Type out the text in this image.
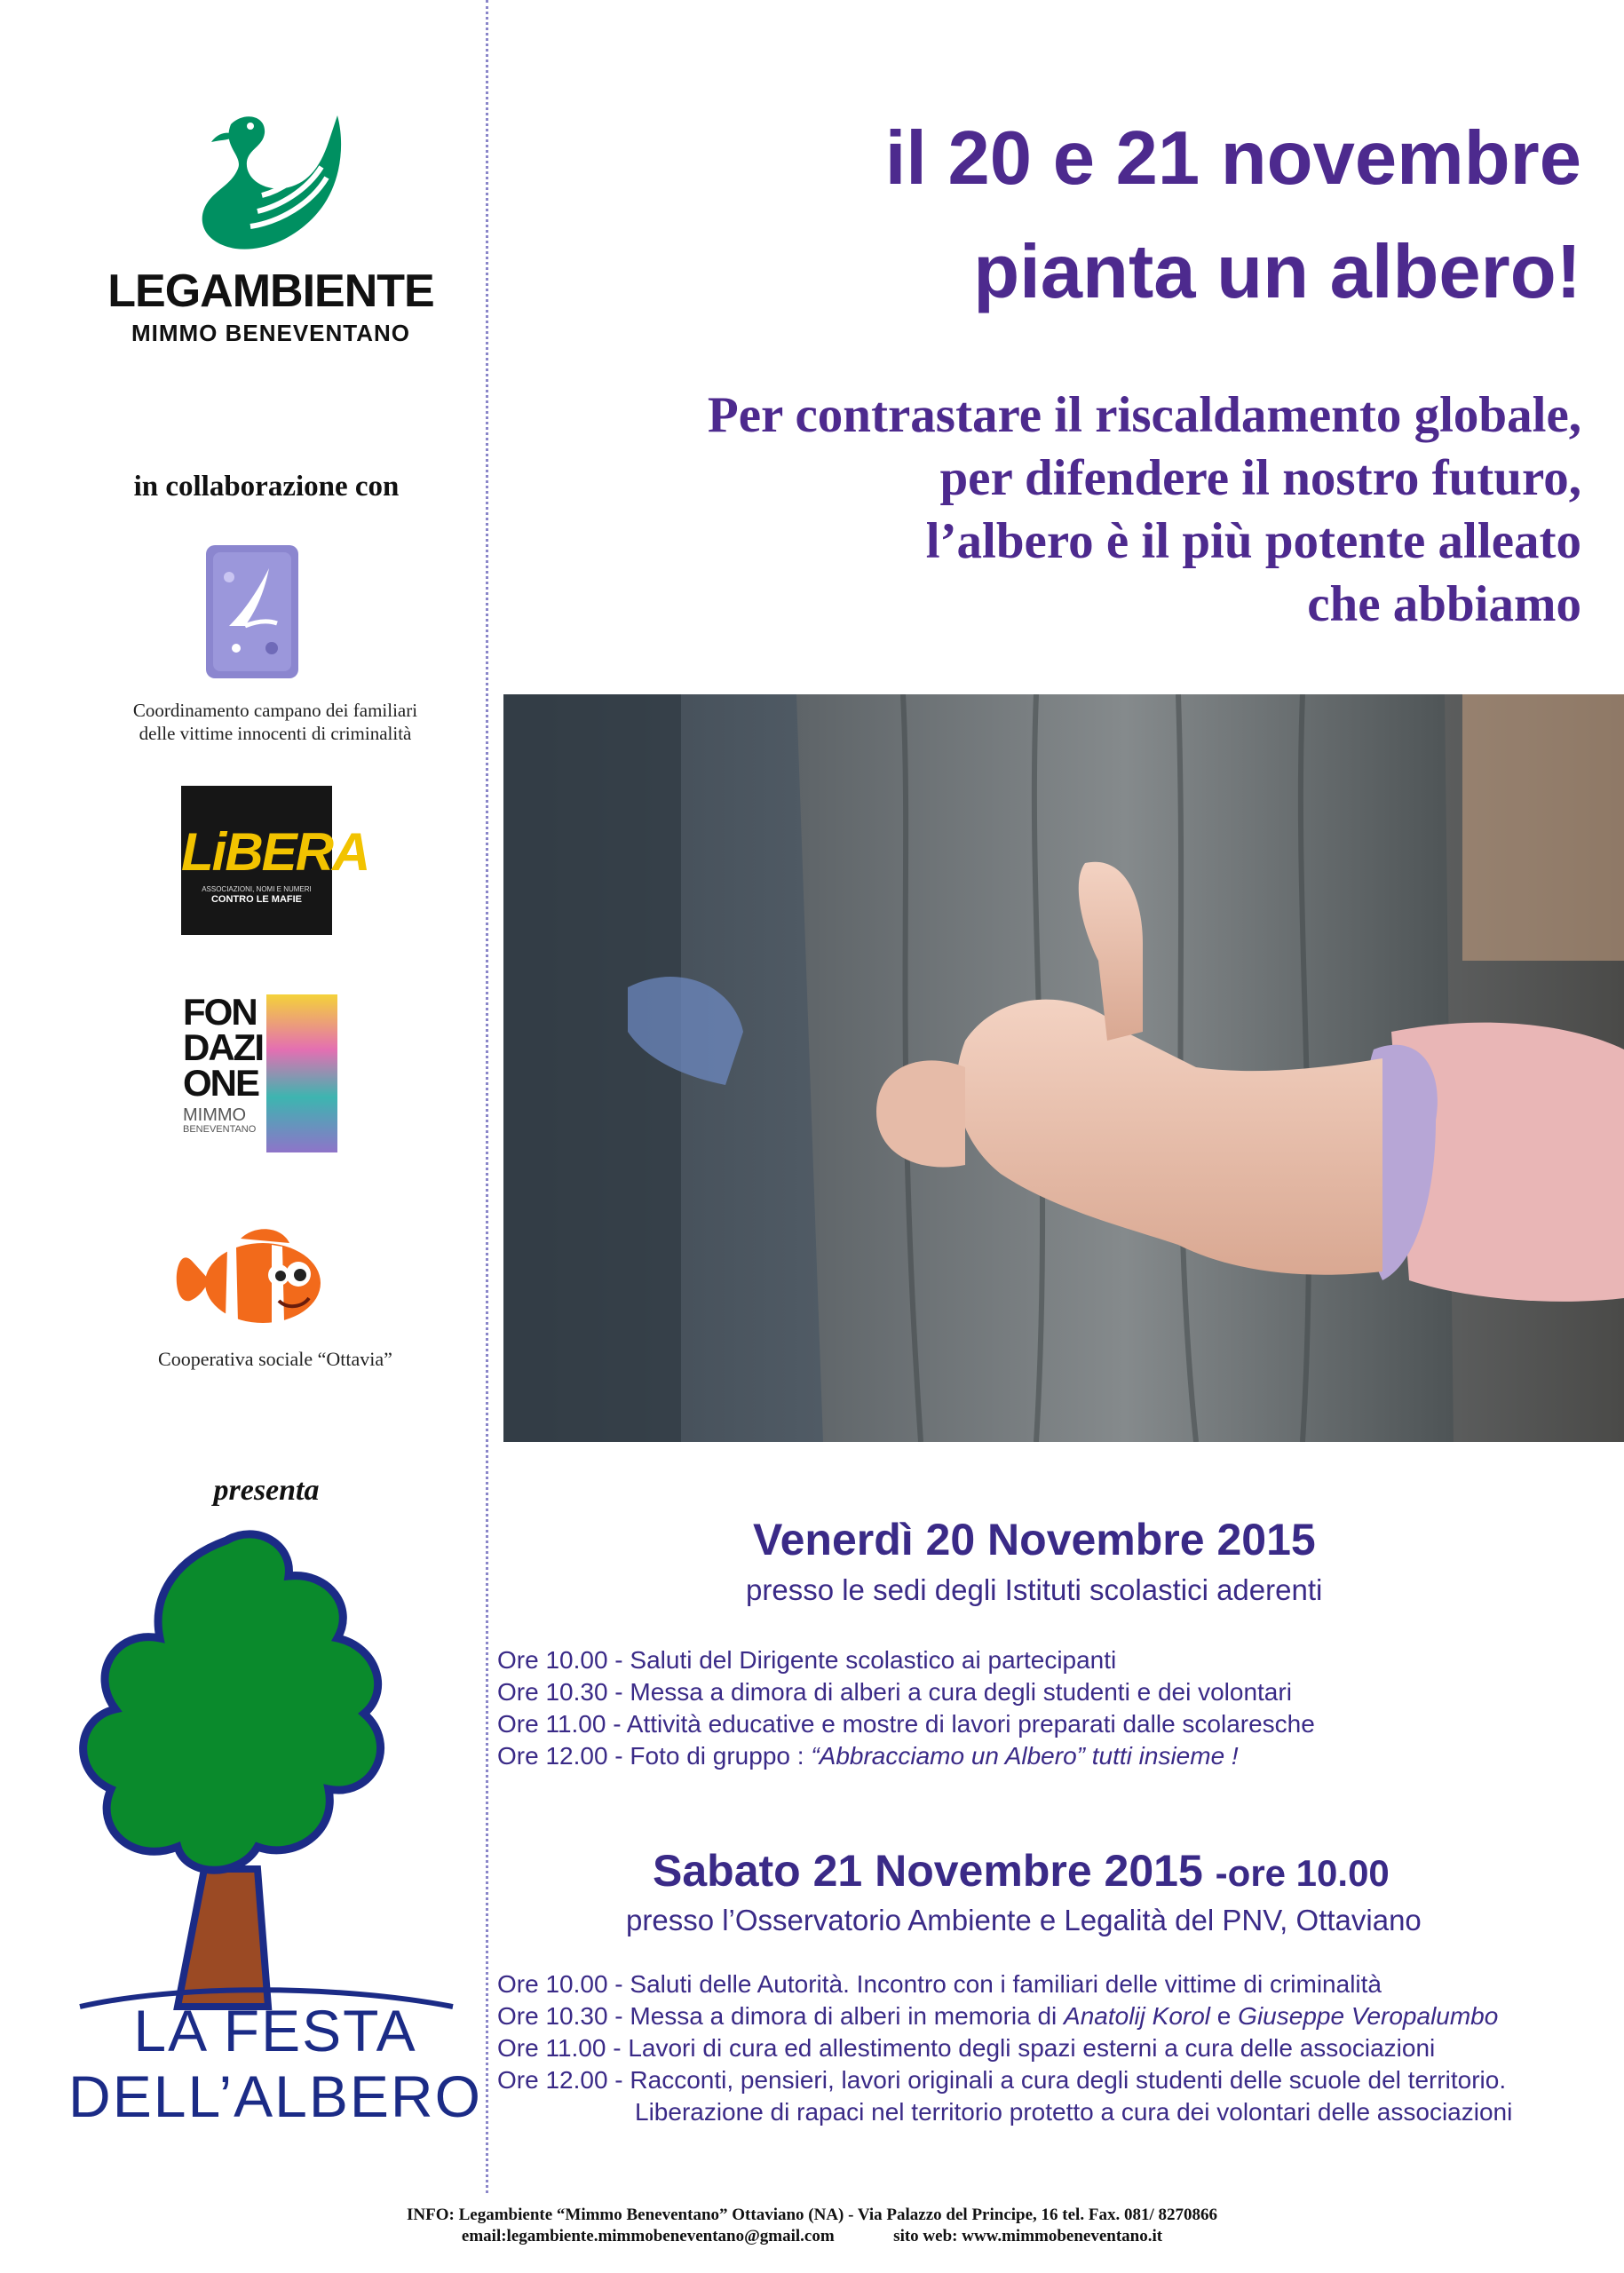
LEGAMBIENTE
MIMMO BENEVENTANO
in collaborazione con
Coordinamento campano dei familiari
delle vittime innocenti di criminalità
LiBERA
ASSOCIAZIONI, NOMI E NUMERI
CONTRO LE MAFIE
FON
DAZI
ONE
MIMMO
BENEVENTANO
Cooperativa sociale “Ottavia”
presenta
LA FESTA
DELL’ALBERO
il 20 e 21 novembre
pianta un albero!
Per contrastare il riscaldamento globale,
per difendere il nostro futuro,
l’albero è il più potente alleato
che abbiamo
Venerdì 20 Novembre 2015
presso le sedi degli Istituti scolastici aderenti
Ore 10.00 - Saluti del Dirigente scolastico ai partecipanti
Ore 10.30 - Messa a dimora di alberi a cura degli studenti e dei volontari
Ore 11.00 - Attività educative e mostre di lavori preparati dalle scolaresche
Ore 12.00 - Foto di gruppo : “Abbracciamo un Albero” tutti insieme !
Sabato 21 Novembre 2015 -ore 10.00
presso l’Osservatorio Ambiente e Legalità del PNV, Ottaviano
Ore 10.00 - Saluti delle Autorità. Incontro con i familiari delle vittime di criminalità
Ore 10.30 - Messa a dimora di alberi in memoria di Anatolij Korol e Giuseppe Veropalumbo
Ore 11.00 - Lavori di cura ed allestimento degli spazi esterni a cura delle associazioni
Ore 12.00 - Racconti, pensieri, lavori originali a cura degli studenti delle scuole del territorio.
Liberazione di rapaci nel territorio protetto a cura dei volontari delle associazioni
INFO: Legambiente “Mimmo Beneventano” Ottaviano (NA) - Via Palazzo del Principe, 16 tel. Fax. 081/ 8270866
email:legambiente.mimmobeneventano@gmail.com              sito web: www.mimmobeneventano.it
